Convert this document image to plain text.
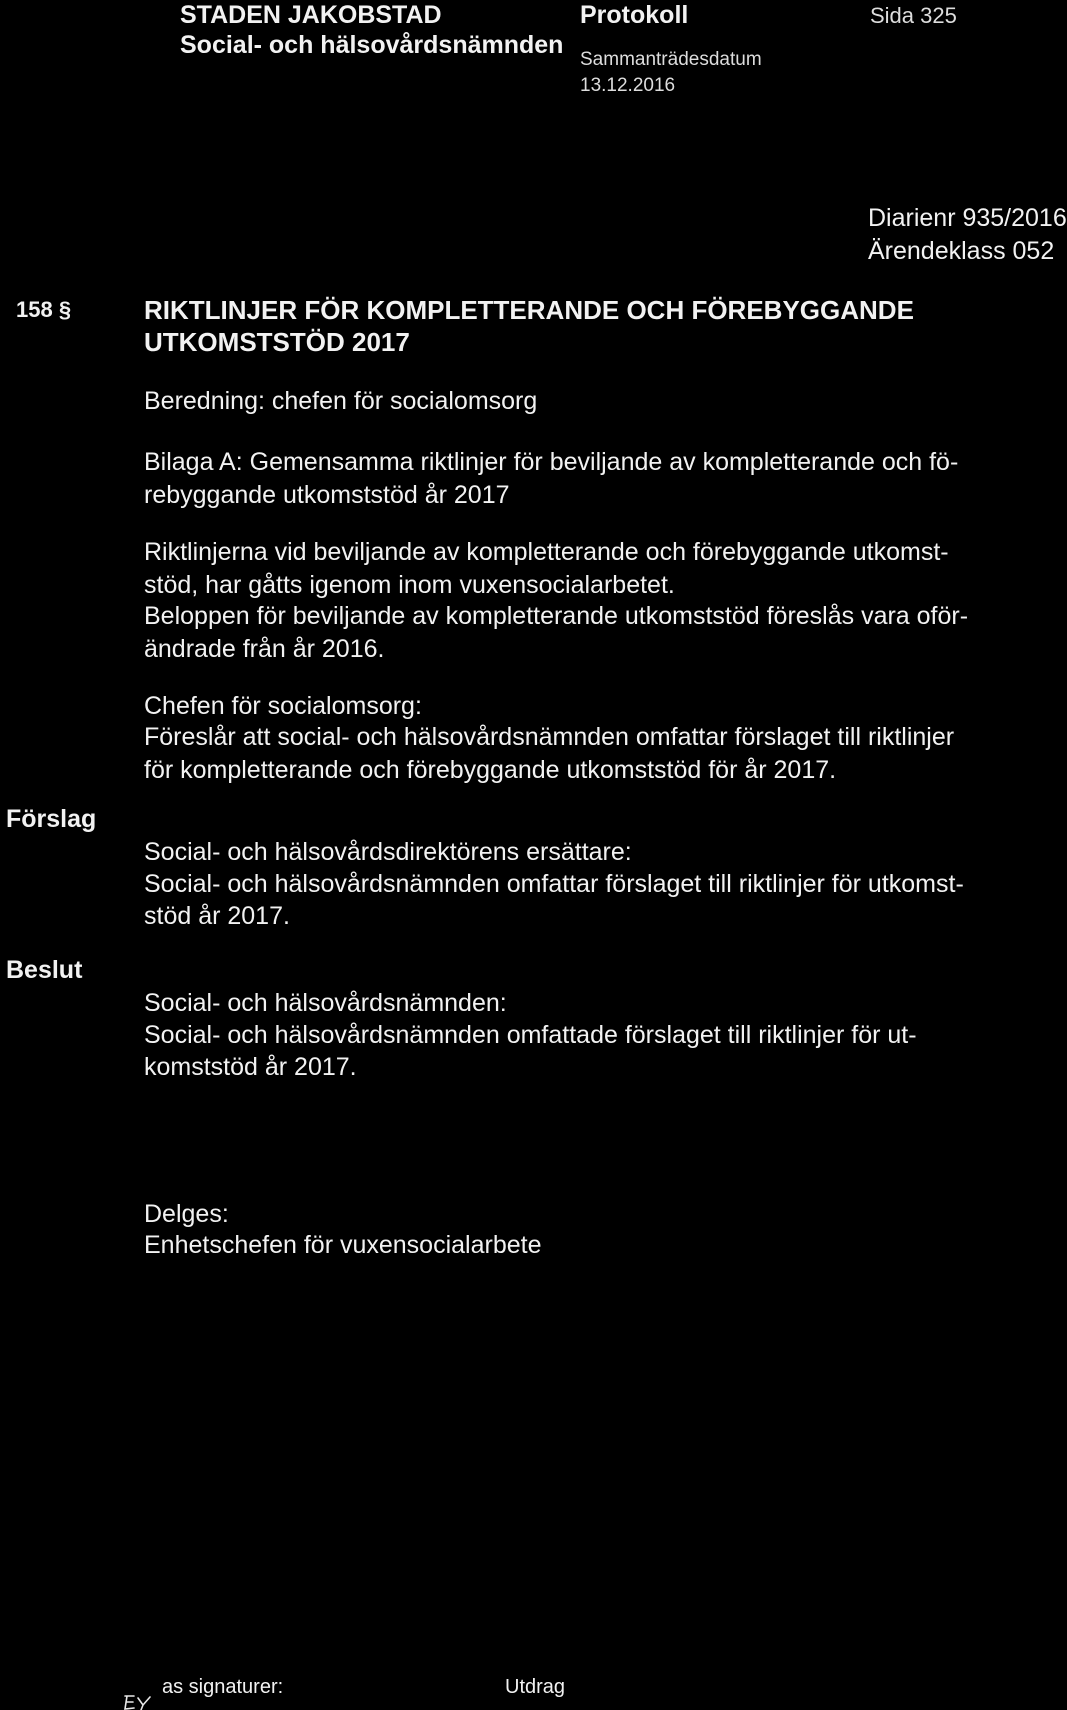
STADEN JAKOBSTAD
Social- och hälsovårdsnämnden
Protokoll	Sida 325
Sammanträdesdatum
13.12.2016
Diarienr 935/2016
Ärendeklass 052
158 §	RIKTLINJER FÖR KOMPLETTERANDE OCH FÖREBYGGANDE UTKOMSTSTÖD 2017
Beredning: chefen för socialomsorg
Bilaga A: Gemensamma riktlinjer för beviljande av kompletterande och fö-
rebyggande utkomststöd år 2017
Riktlinjerna vid beviljande av kompletterande och förebyggande utkomst-
stöd, har gåtts igenom inom vuxensocialarbetet.
Beloppen för beviljande av kompletterande utkomststöd föreslås vara oför-
ändrade från år 2016.
Chefen för socialomsorg:
Föreslår att social- och hälsovårdsnämnden omfattar förslaget till riktlinjer
för kompletterande och förebyggande utkomststöd för år 2017.
Social- och hälsovårdsdirektörens ersättare:
Social- och hälsovårdsnämnden omfattar förslaget till riktlinjer för utkomst-
stöd år 2017.
Social- och hälsovårdsnämnden:
Social- och hälsovårdsnämnden omfattade förslaget till riktlinjer för ut-
komststöd år 2017.
Delges:
Enhetschefen för vuxensocialarbete
Förslag
Beslut
as signaturer:	Utdrag
